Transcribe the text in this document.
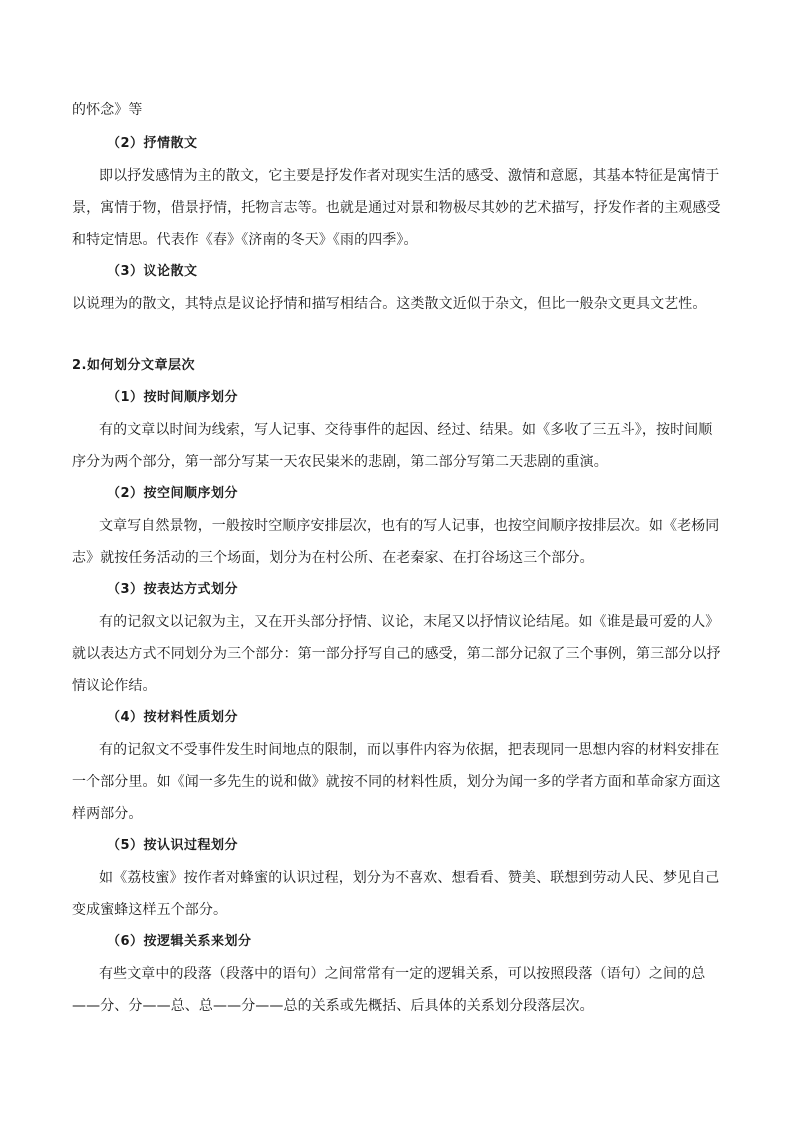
的怀念》等
（2）抒情散文
即以抒发感情为主的散文，它主要是抒发作者对现实生活的感受、激情和意愿，其基本特征是寓情于
景，寓情于物，借景抒情，托物言志等。也就是通过对景和物极尽其妙的艺术描写，抒发作者的主观感受
和特定情思。代表作《春》《济南的冬天》《雨的四季》。
（3）议论散文
以说理为的散文，其特点是议论抒情和描写相结合。这类散文近似于杂文，但比一般杂文更具文艺性。
2.如何划分文章层次
（1）按时间顺序划分
有的文章以时间为线索，写人记事、交待事件的起因、经过、结果。如《多收了三五斗》，按时间顺
序分为两个部分，第一部分写某一天农民粜米的悲剧，第二部分写第二天悲剧的重演。
（2）按空间顺序划分
文章写自然景物，一般按时空顺序安排层次，也有的写人记事，也按空间顺序按排层次。如《老杨同
志》就按任务活动的三个场面，划分为在村公所、在老秦家、在打谷场这三个部分。
（3）按表达方式划分
有的记叙文以记叙为主，又在开头部分抒情、议论，末尾又以抒情议论结尾。如《谁是最可爱的人》
就以表达方式不同划分为三个部分：第一部分抒写自己的感受，第二部分记叙了三个事例，第三部分以抒
情议论作结。
（4）按材料性质划分
有的记叙文不受事件发生时间地点的限制，而以事件内容为依据，把表现同一思想内容的材料安排在
一个部分里。如《闻一多先生的说和做》就按不同的材料性质，划分为闻一多的学者方面和革命家方面这
样两部分。
（5）按认识过程划分
如《荔枝蜜》按作者对蜂蜜的认识过程，划分为不喜欢、想看看、赞美、联想到劳动人民、梦见自己
变成蜜蜂这样五个部分。
（6）按逻辑关系来划分
有些文章中的段落（段落中的语句）之间常常有一定的逻辑关系，可以按照段落（语句）之间的总
——分、分——总、总——分——总的关系或先概括、后具体的关系划分段落层次。
